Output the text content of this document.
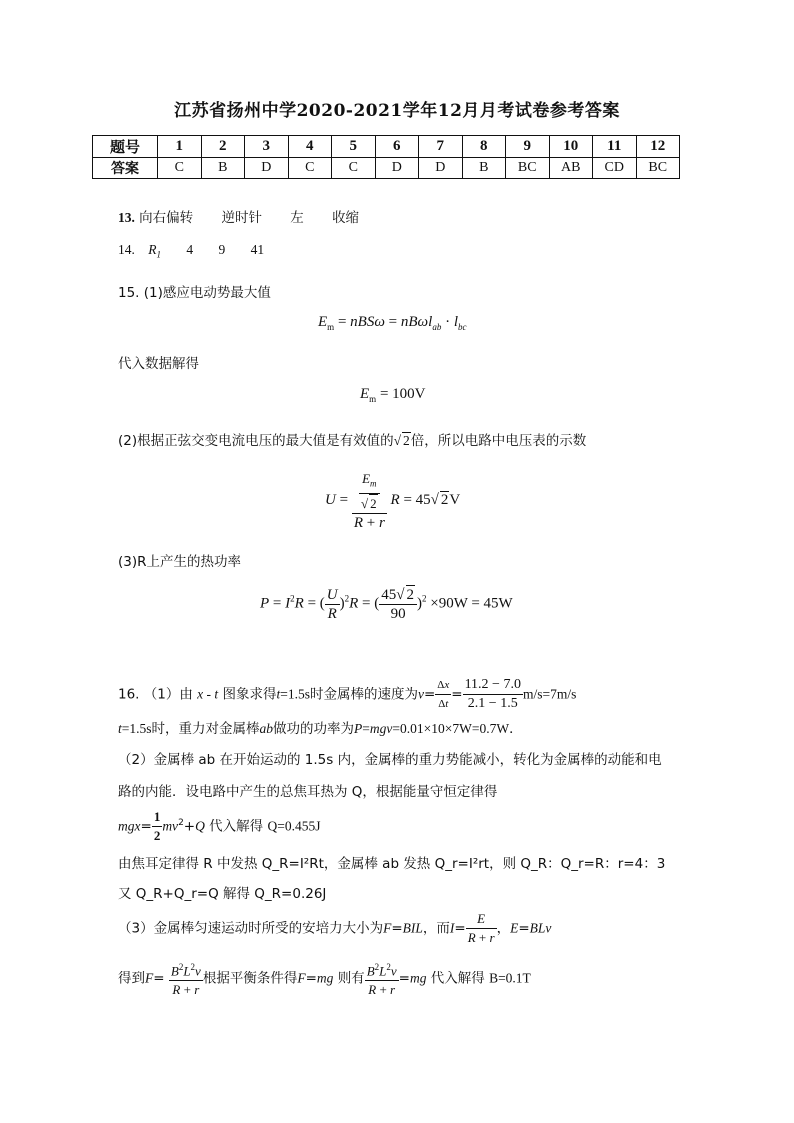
江苏省扬州中学2020-2021学年12月月考试卷参考答案
题号	1	2	3	4	5	6	7	8	9	10	11	12
答案	C	B	D	C	C	D	D	B	BC	AB	CD	BC
13. 向右偏转 逆时针 左 收缩
14. $R_1$ 4 9 41
15. (1)感应电动势最大值
$E_m = nBS\omega = nB\omega l_{ab} \cdot l_{bc}$
代入数据解得
$E_m = 100V$
(2)根据正弦交变电流电压的最大值是有效值的√ 2倍，所以电路中电压表的示数
$U = \frac{\frac{E_m}{√ 2}}{R + r}$ R = 45√ 2V
(3)R上产生的热功率
$P = I^2R$ = ( $\frac{U}{R} )^2R$ = ( $\frac{45√ 2}{90} )^2 \times 90W = 45W$
16. （1）由 x - t 图象求得t=1.5s时金属棒的速度为$v= \frac{\Delta x}{\Delta t} = \frac{11.2 - 7.0}{2.1 - 1.5} m/s=7m/s$
t=1.5s时，重力对金属棒ab做功的功率为P=mgv=0.01×10×7W=0.7W．
（2）金属棒 ab 在开始运动的 1.5s 内，金属棒的重力势能减小，转化为金属棒的动能和电
路的内能．设电路中产生的总焦耳热为 Q，根据能量守恒定律得
$mgx= \frac{1}{2} mv^2+Q$ 代入解得 Q=0.455J
由焦耳定律得 R 中发热 Q_R=I²Rt，金属棒 ab 发热 Q_r=I²rt，则 Q_R：Q_r=R：r=4：3
又 Q_R+Q_r=Q 解得 Q_R=0.26J
（3）金属棒匀速运动时所受的安培力大小为F=BIL，而$I= \frac{E}{R + r}$ ，E=BLv
得到$F= \frac{B^2L^2v}{R + r}$ 根据平衡条件得F=mg 则有 $\frac{B^2L^2v}{R + r} =mg$ 代入解得 B=0.1T
